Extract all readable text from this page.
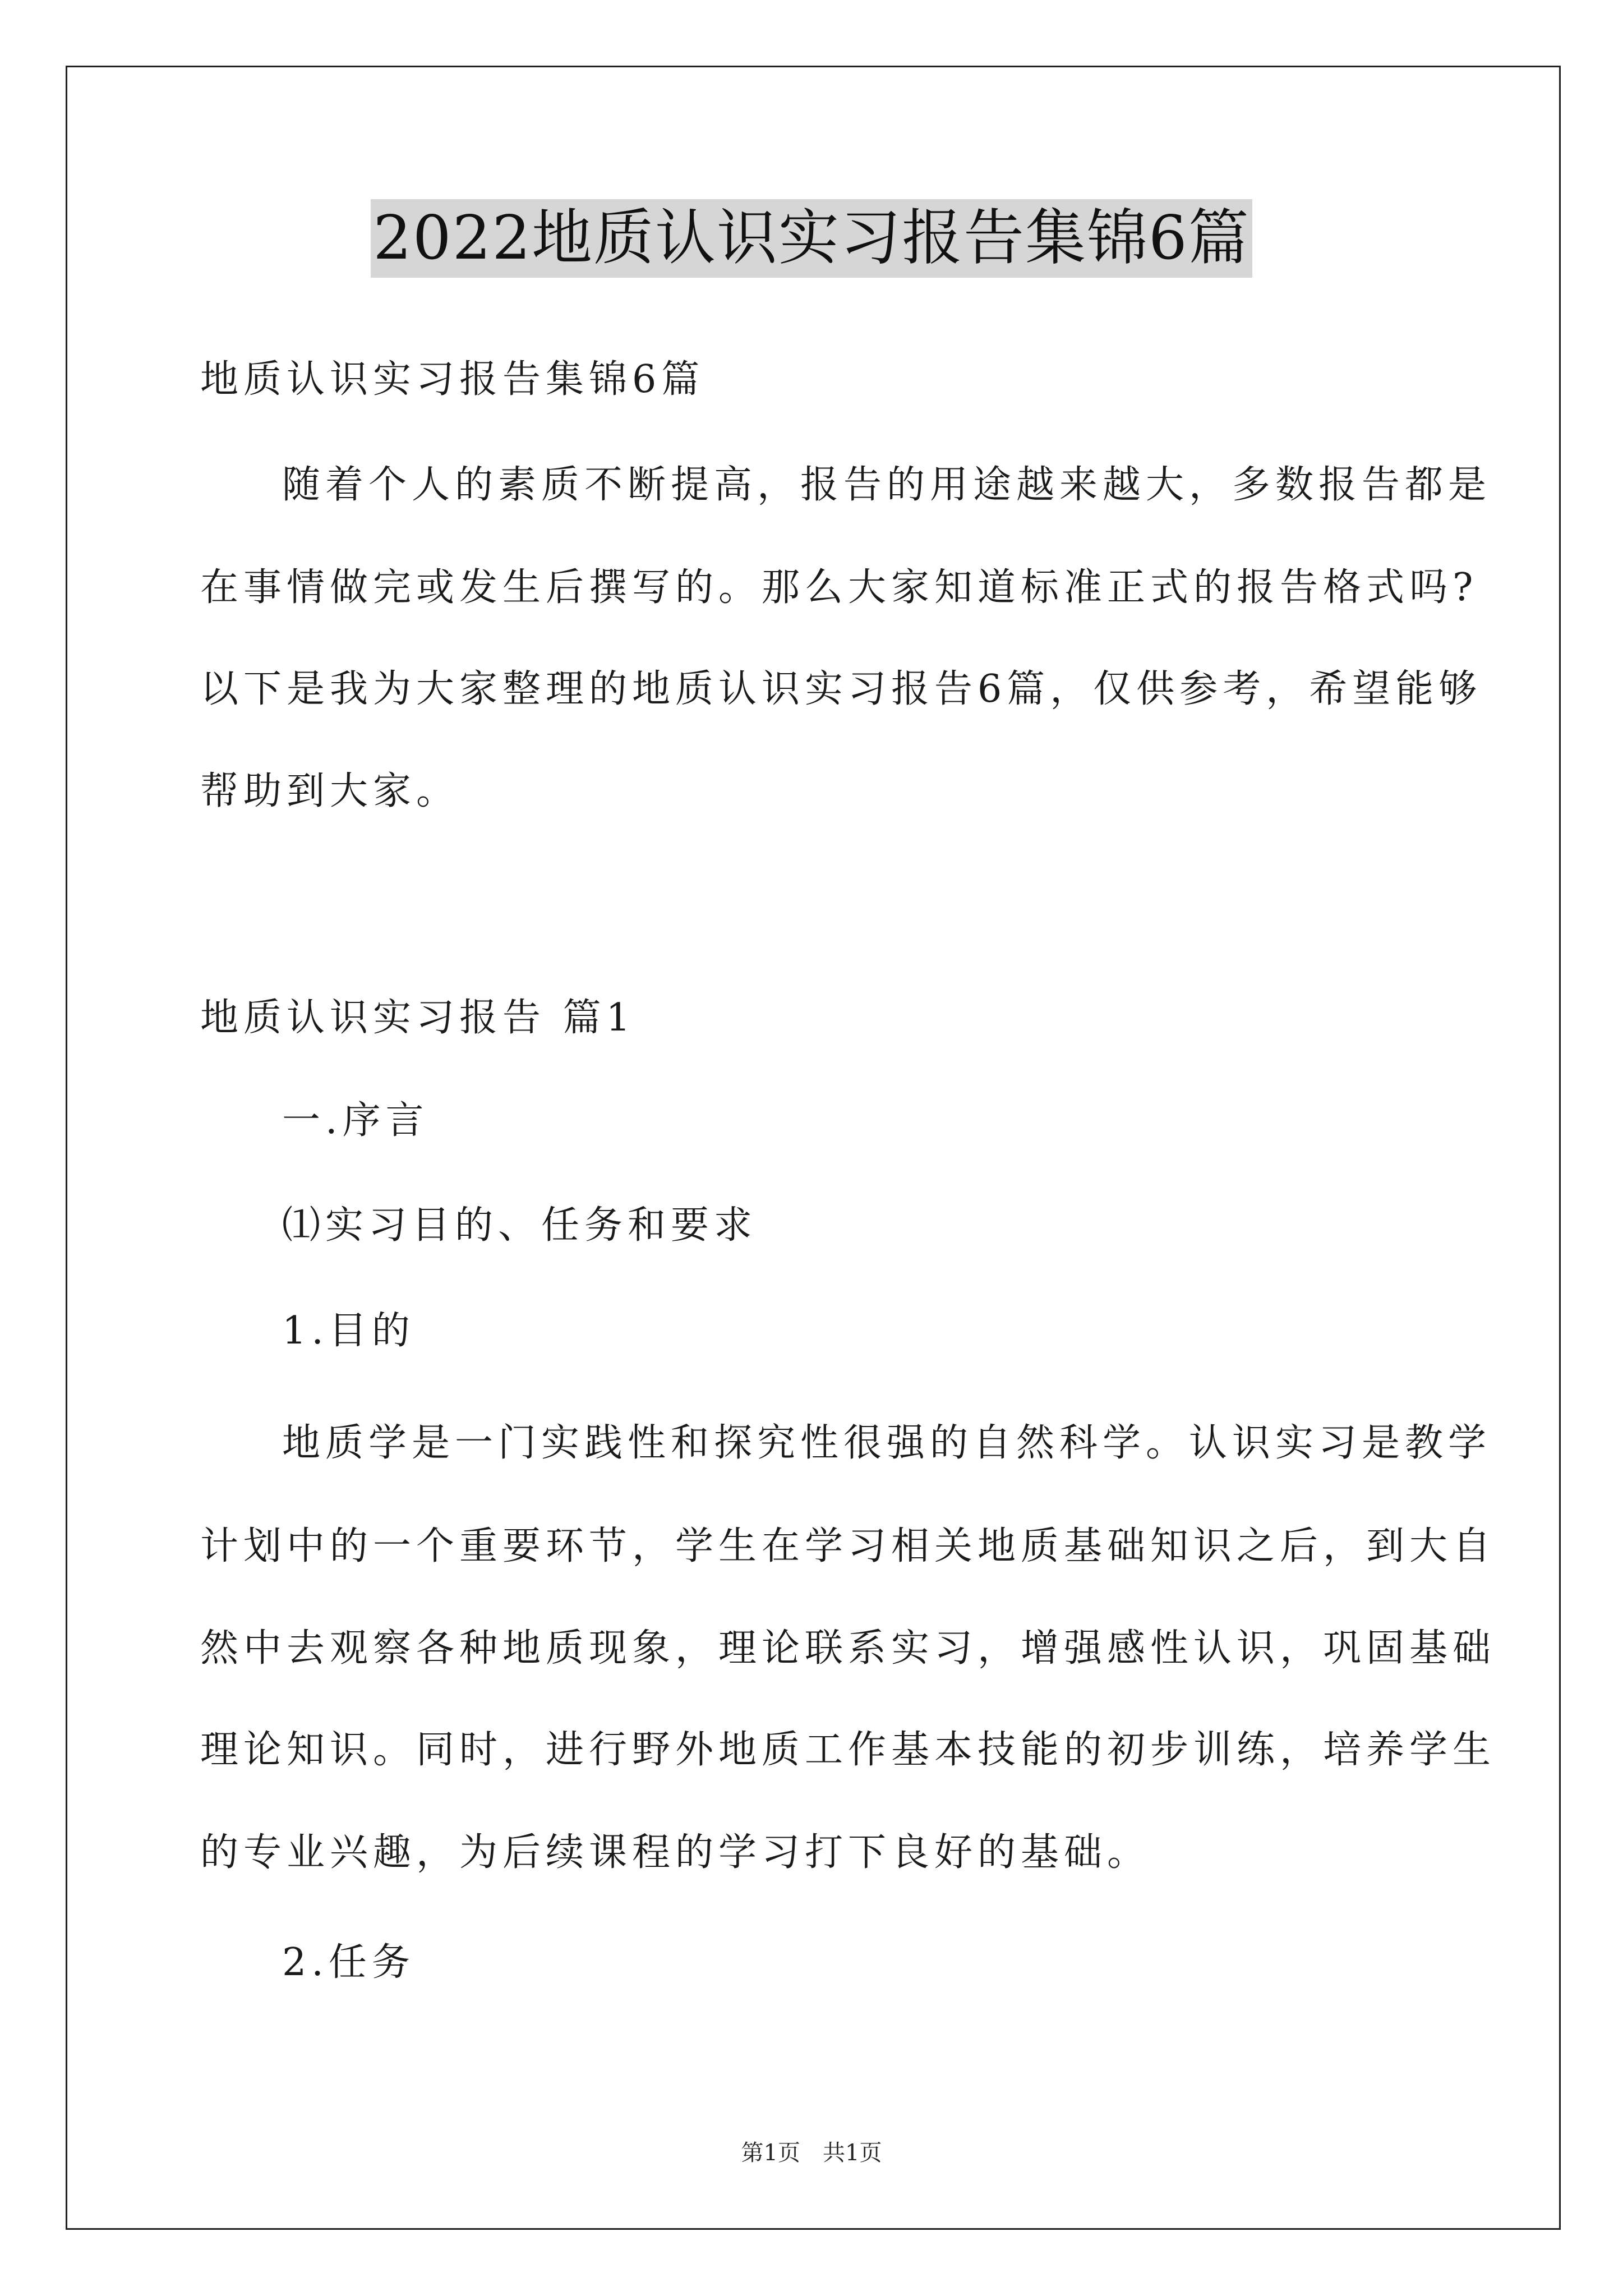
2022地质认识实习报告集锦6篇
地质认识实习报告集锦6篇
随着个人的素质不断提高，报告的用途越来越大，多数报告都是
在事情做完或发生后撰写的。那么大家知道标准正式的报告格式吗?
以下是我为大家整理的地质认识实习报告6篇，仅供参考，希望能够
帮助到大家。
地质认识实习报告 篇1
一.序言
⑴实习目的、任务和要求
1.目的
地质学是一门实践性和探究性很强的自然科学。认识实习是教学
计划中的一个重要环节，学生在学习相关地质基础知识之后，到大自
然中去观察各种地质现象，理论联系实习，增强感性认识，巩固基础
理论知识。同时，进行野外地质工作基本技能的初步训练，培养学生
的专业兴趣，为后续课程的学习打下良好的基础。
2.任务
第1页　共1页
